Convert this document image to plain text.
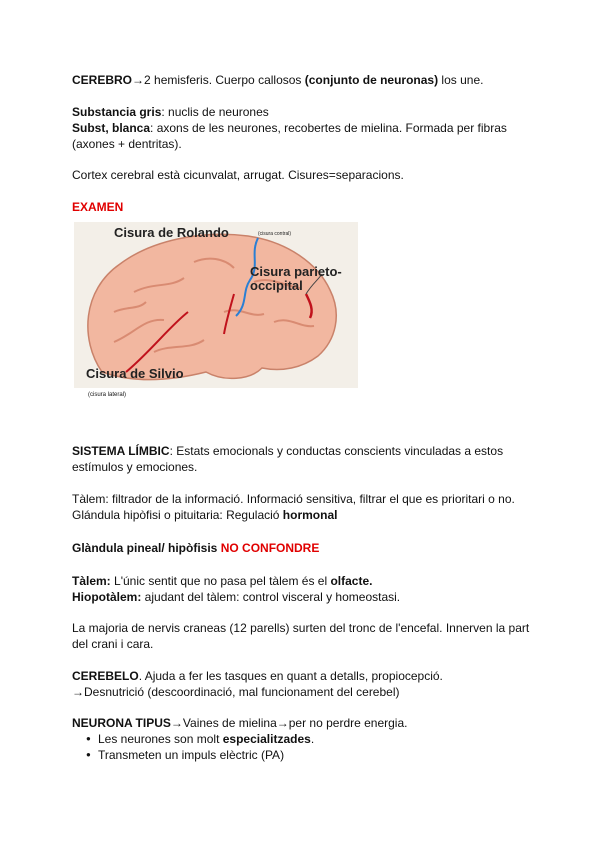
CEREBRO→2 hemisferis. Cuerpo callosos (conjunto de neuronas) los une.
Substancia gris: nuclis de neurones
Subst, blanca: axons de les neurones, recobertes de mielina. Formada per fibras (axones + dentritas).
Cortex cerebral està cicunvalat, arrugat. Cisures=separacions.
EXAMEN
Cisura de Rolando	(cisura contral)
Cisura parieto-
occipital
Cisura de Silvio
(cisura lateral)
SISTEMA LÍMBIC: Estats emocionals y conductas conscients vinculadas a estos estímulos y emociones.
Tàlem: filtrador de la informació. Informació sensitiva, filtrar el que es prioritari o no.
Glándula hipòfisi o pituitaria: Regulació hormonal
Glàndula pineal/ hipòfisis NO CONFONDRE
Tàlem: L'únic sentit que no pasa pel tàlem és el olfacte.
Hiopotàlem: ajudant del tàlem: control visceral y homeostasi.
La majoria de nervis craneas (12 parells) surten del tronc de l'encefal. Innerven la part del crani i cara.
CEREBELO. Ajuda a fer les tasques en quant a detalls, propiocepció.
→Desnutrició (descoordinació, mal funcionament del cerebel)
NEURONA TIPUS→Vaines de mielina→per no perdre energia.
● Les neurones son molt especialitzades.
● Transmeten un impuls elèctric (PA)
